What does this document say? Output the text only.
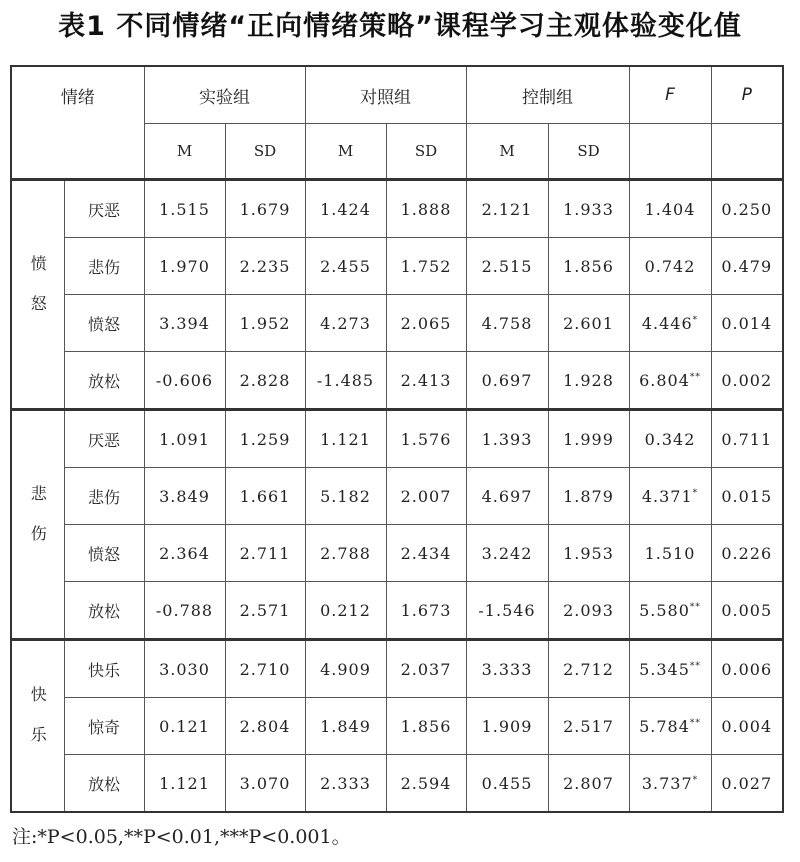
表1 不同情绪“正向情绪策略”课程学习主观体验变化值
情绪		实验组		对照组		控制组		F	P
		M	SD	M	SD	M	SD		
愤怒	厌恶	1.515	1.679	1.424	1.888	2.121	1.933	1.404	0.250
	悲伤	1.970	2.235	2.455	1.752	2.515	1.856	0.742	0.479
	愤怒	3.394	1.952	4.273	2.065	4.758	2.601	4.446*	0.014
	放松	-0.606	2.828	-1.485	2.413	0.697	1.928	6.804**	0.002
悲伤	厌恶	1.091	1.259	1.121	1.576	1.393	1.999	0.342	0.711
	悲伤	3.849	1.661	5.182	2.007	4.697	1.879	4.371*	0.015
	愤怒	2.364	2.711	2.788	2.434	3.242	1.953	1.510	0.226
	放松	-0.788	2.571	0.212	1.673	-1.546	2.093	5.580**	0.005
快乐	快乐	3.030	2.710	4.909	2.037	3.333	2.712	5.345**	0.006
	惊奇	0.121	2.804	1.849	1.856	1.909	2.517	5.784**	0.004
	放松	1.121	3.070	2.333	2.594	0.455	2.807	3.737*	0.027
注:*P<0.05,**P<0.01,***P<0.001。
